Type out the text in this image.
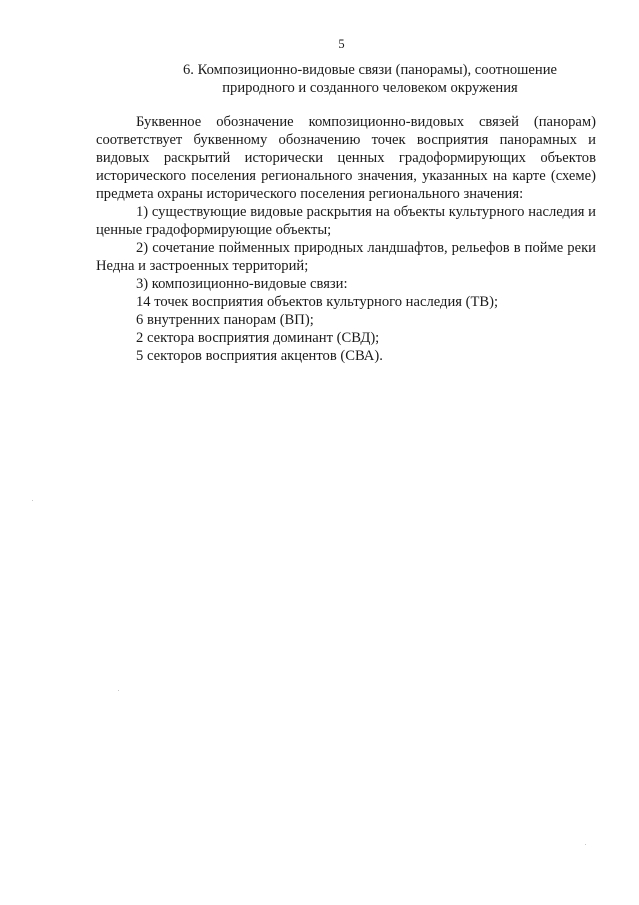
5
6. Композиционно-видовые связи (панорамы), соотношение
природного и созданного человеком окружения

Буквенное обозначение композиционно-видовых связей (панорам) соответствует буквенному обозначению точек восприятия панорамных и видовых раскрытий исторически ценных градоформирующих объектов исторического поселения регионального значения, указанных на карте (схеме) предмета охраны исторического поселения регионального значения:

1) существующие видовые раскрытия на объекты культурного наследия и ценные градоформирующие объекты;

2) сочетание пойменных природных ландшафтов, рельефов в пойме реки Недна и застроенных территорий;

3) композиционно-видовые связи:

14 точек восприятия объектов культурного наследия (ТВ);

6 внутренних панорам (ВП);

2 сектора восприятия доминант (СВД);

5 секторов восприятия акцентов (СВА).
